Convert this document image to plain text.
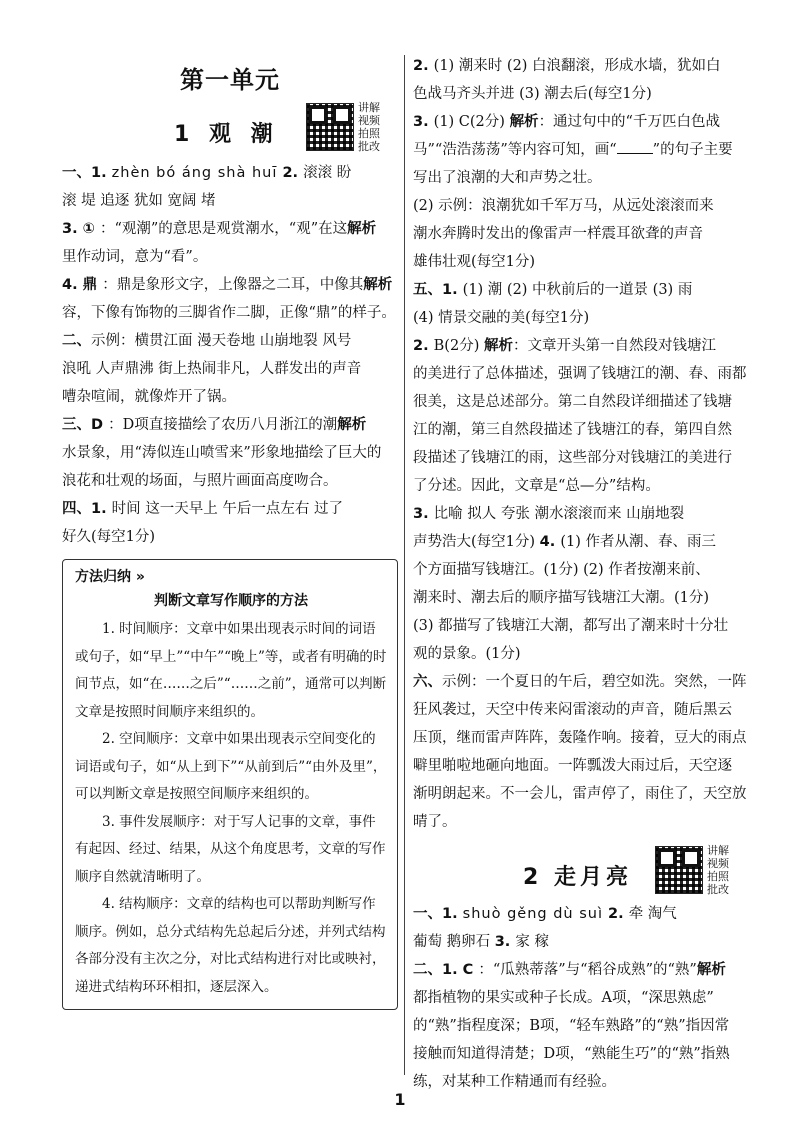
第一单元
1 观 潮
讲解视频 拍照批改

一、1. zhèn bó áng shà huī 2. 滚滚 盼

滚 堤 追逐 犹如 宽阔 堵

3. ① ：“观潮”的意思是观赏潮水，“观”在这解析

里作动词，意为“看”。

4. 鼎 ：鼎是象形文字，上像器之二耳，中像其解析

容，下像有饰物的三脚省作二脚，正像“鼎”的样子。

二、示例：横贯江面 漫天卷地 山崩地裂 风号

浪吼 人声鼎沸 街上热闹非凡，人群发出的声音

嘈杂喧闹，就像炸开了锅。

三、D ：D项直接描绘了农历八月浙江的潮解析

水景象，用“涛似连山喷雪来”形象地描绘了巨大的

浪花和壮观的场面，与照片画面高度吻合。

四、1. 时间 这一天早上 午后一点左右 过了

好久(每空1分)

方法归纳 »
判断文章写作顺序的方法

1. 时间顺序：文章中如果出现表示时间的词语或句子，如“早上”“中午”“晚上”等，或者有明确的时间节点，如“在……之后”“……之前”，通常可以判断文章是按照时间顺序来组织的。

2. 空间顺序：文章中如果出现表示空间变化的词语或句子，如“从上到下”“从前到后”“由外及里”，可以判断文章是按照空间顺序来组织的。

3. 事件发展顺序：对于写人记事的文章，事件有起因、经过、结果，从这个角度思考，文章的写作顺序自然就清晰明了。

4. 结构顺序：文章的结构也可以帮助判断写作顺序。例如，总分式结构先总起后分述，并列式结构各部分没有主次之分，对比式结构进行对比或映衬，递进式结构环环相扣，逐层深入。

2. (1) 潮来时 (2) 白浪翻滚，形成水墙，犹如白

色战马齐头并进 (3) 潮去后(每空1分)

3. (1) C(2分) 解析：通过句中的“千万匹白色战

马”“浩浩荡荡”等内容可知，画“ ”的句子主要

写出了浪潮的大和声势之壮。

(2) 示例：浪潮犹如千军万马，从远处滚滚而来

潮水奔腾时发出的像雷声一样震耳欲聋的声音

雄伟壮观(每空1分)

五、1. (1) 潮 (2) 中秋前后的一道景 (3) 雨

(4) 情景交融的美(每空1分)

2. B(2分) 解析：文章开头第一自然段对钱塘江

的美进行了总体描述，强调了钱塘江的潮、春、雨都

很美，这是总述部分。第二自然段详细描述了钱塘

江的潮，第三自然段描述了钱塘江的春，第四自然

段描述了钱塘江的雨，这些部分对钱塘江的美进行

了分述。因此，文章是“总—分”结构。

3. 比喻 拟人 夸张 潮水滚滚而来 山崩地裂

声势浩大(每空1分) 4. (1) 作者从潮、春、雨三

个方面描写钱塘江。(1分) (2) 作者按潮来前、

潮来时、潮去后的顺序描写钱塘江大潮。(1分)

(3) 都描写了钱塘江大潮，都写出了潮来时十分壮

观的景象。(1分)

六、示例：一个夏日的午后，碧空如洗。突然，一阵

狂风袭过，天空中传来闷雷滚动的声音，随后黑云

压顶，继而雷声阵阵，轰隆作响。接着，豆大的雨点

噼里啪啦地砸向地面。一阵瓢泼大雨过后，天空逐

渐明朗起来。不一会儿，雷声停了，雨住了，天空放

晴了。

2 走月亮
讲解视频 拍照批改

一、1. shuò gěng dù suì 2. 牵 淘气

葡萄 鹅卵石 3. 家 稼

二、1. C ：“瓜熟蒂落”与“稻谷成熟”的“熟”解析

都指植物的果实或种子长成。A项，“深思熟虑”

的“熟”指程度深；B项，“轻车熟路”的“熟”指因常

接触而知道得清楚；D项，“熟能生巧”的“熟”指熟

练，对某种工作精通而有经验。

1
